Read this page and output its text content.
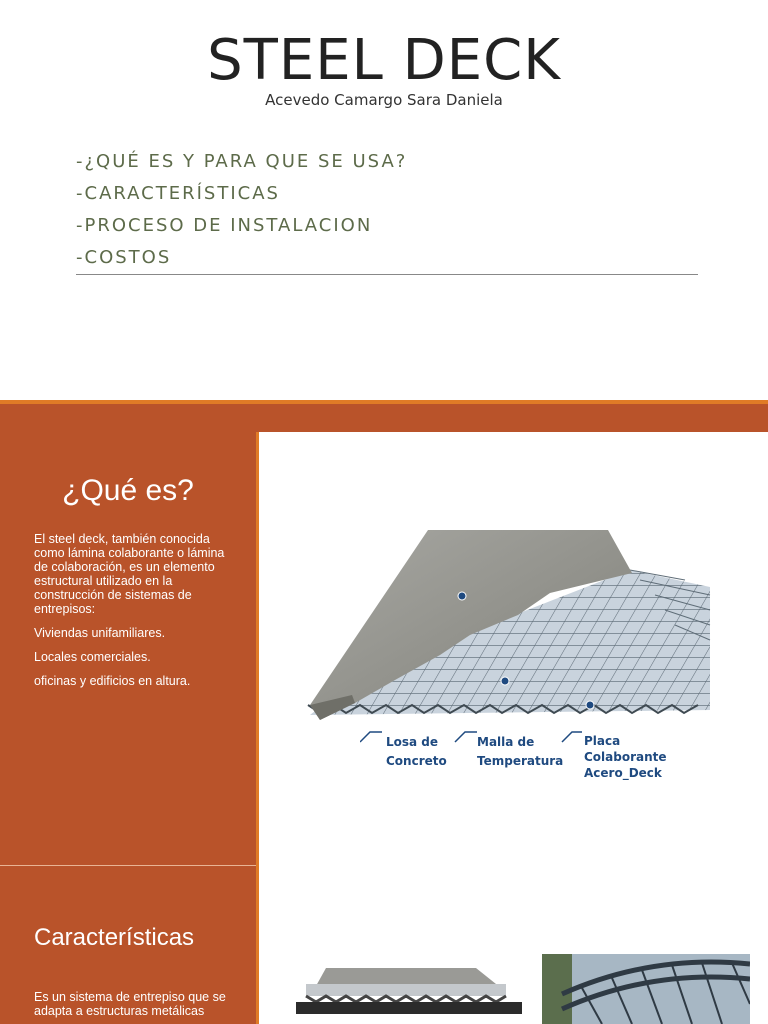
STEEL DECK
Acevedo Camargo Sara Daniela
-¿QUÉ ES Y PARA QUE SE USA?
-CARACTERÍSTICAS
-PROCESO DE INSTALACION
-COSTOS
¿Qué es?

El steel deck, también conocida como lámina colaborante o lámina de colaboración, es un elemento estructural utilizado en la construcción de sistemas de entrepisos:

Viviendas unifamiliares.

Locales comerciales.

oficinas y edificios en altura.

Características
Es un sistema de entrepiso que se adapta a estructuras metálicas
Losa de
Concreto
Malla de
Temperatura
Placa
Colaborante
Acero_Deck
